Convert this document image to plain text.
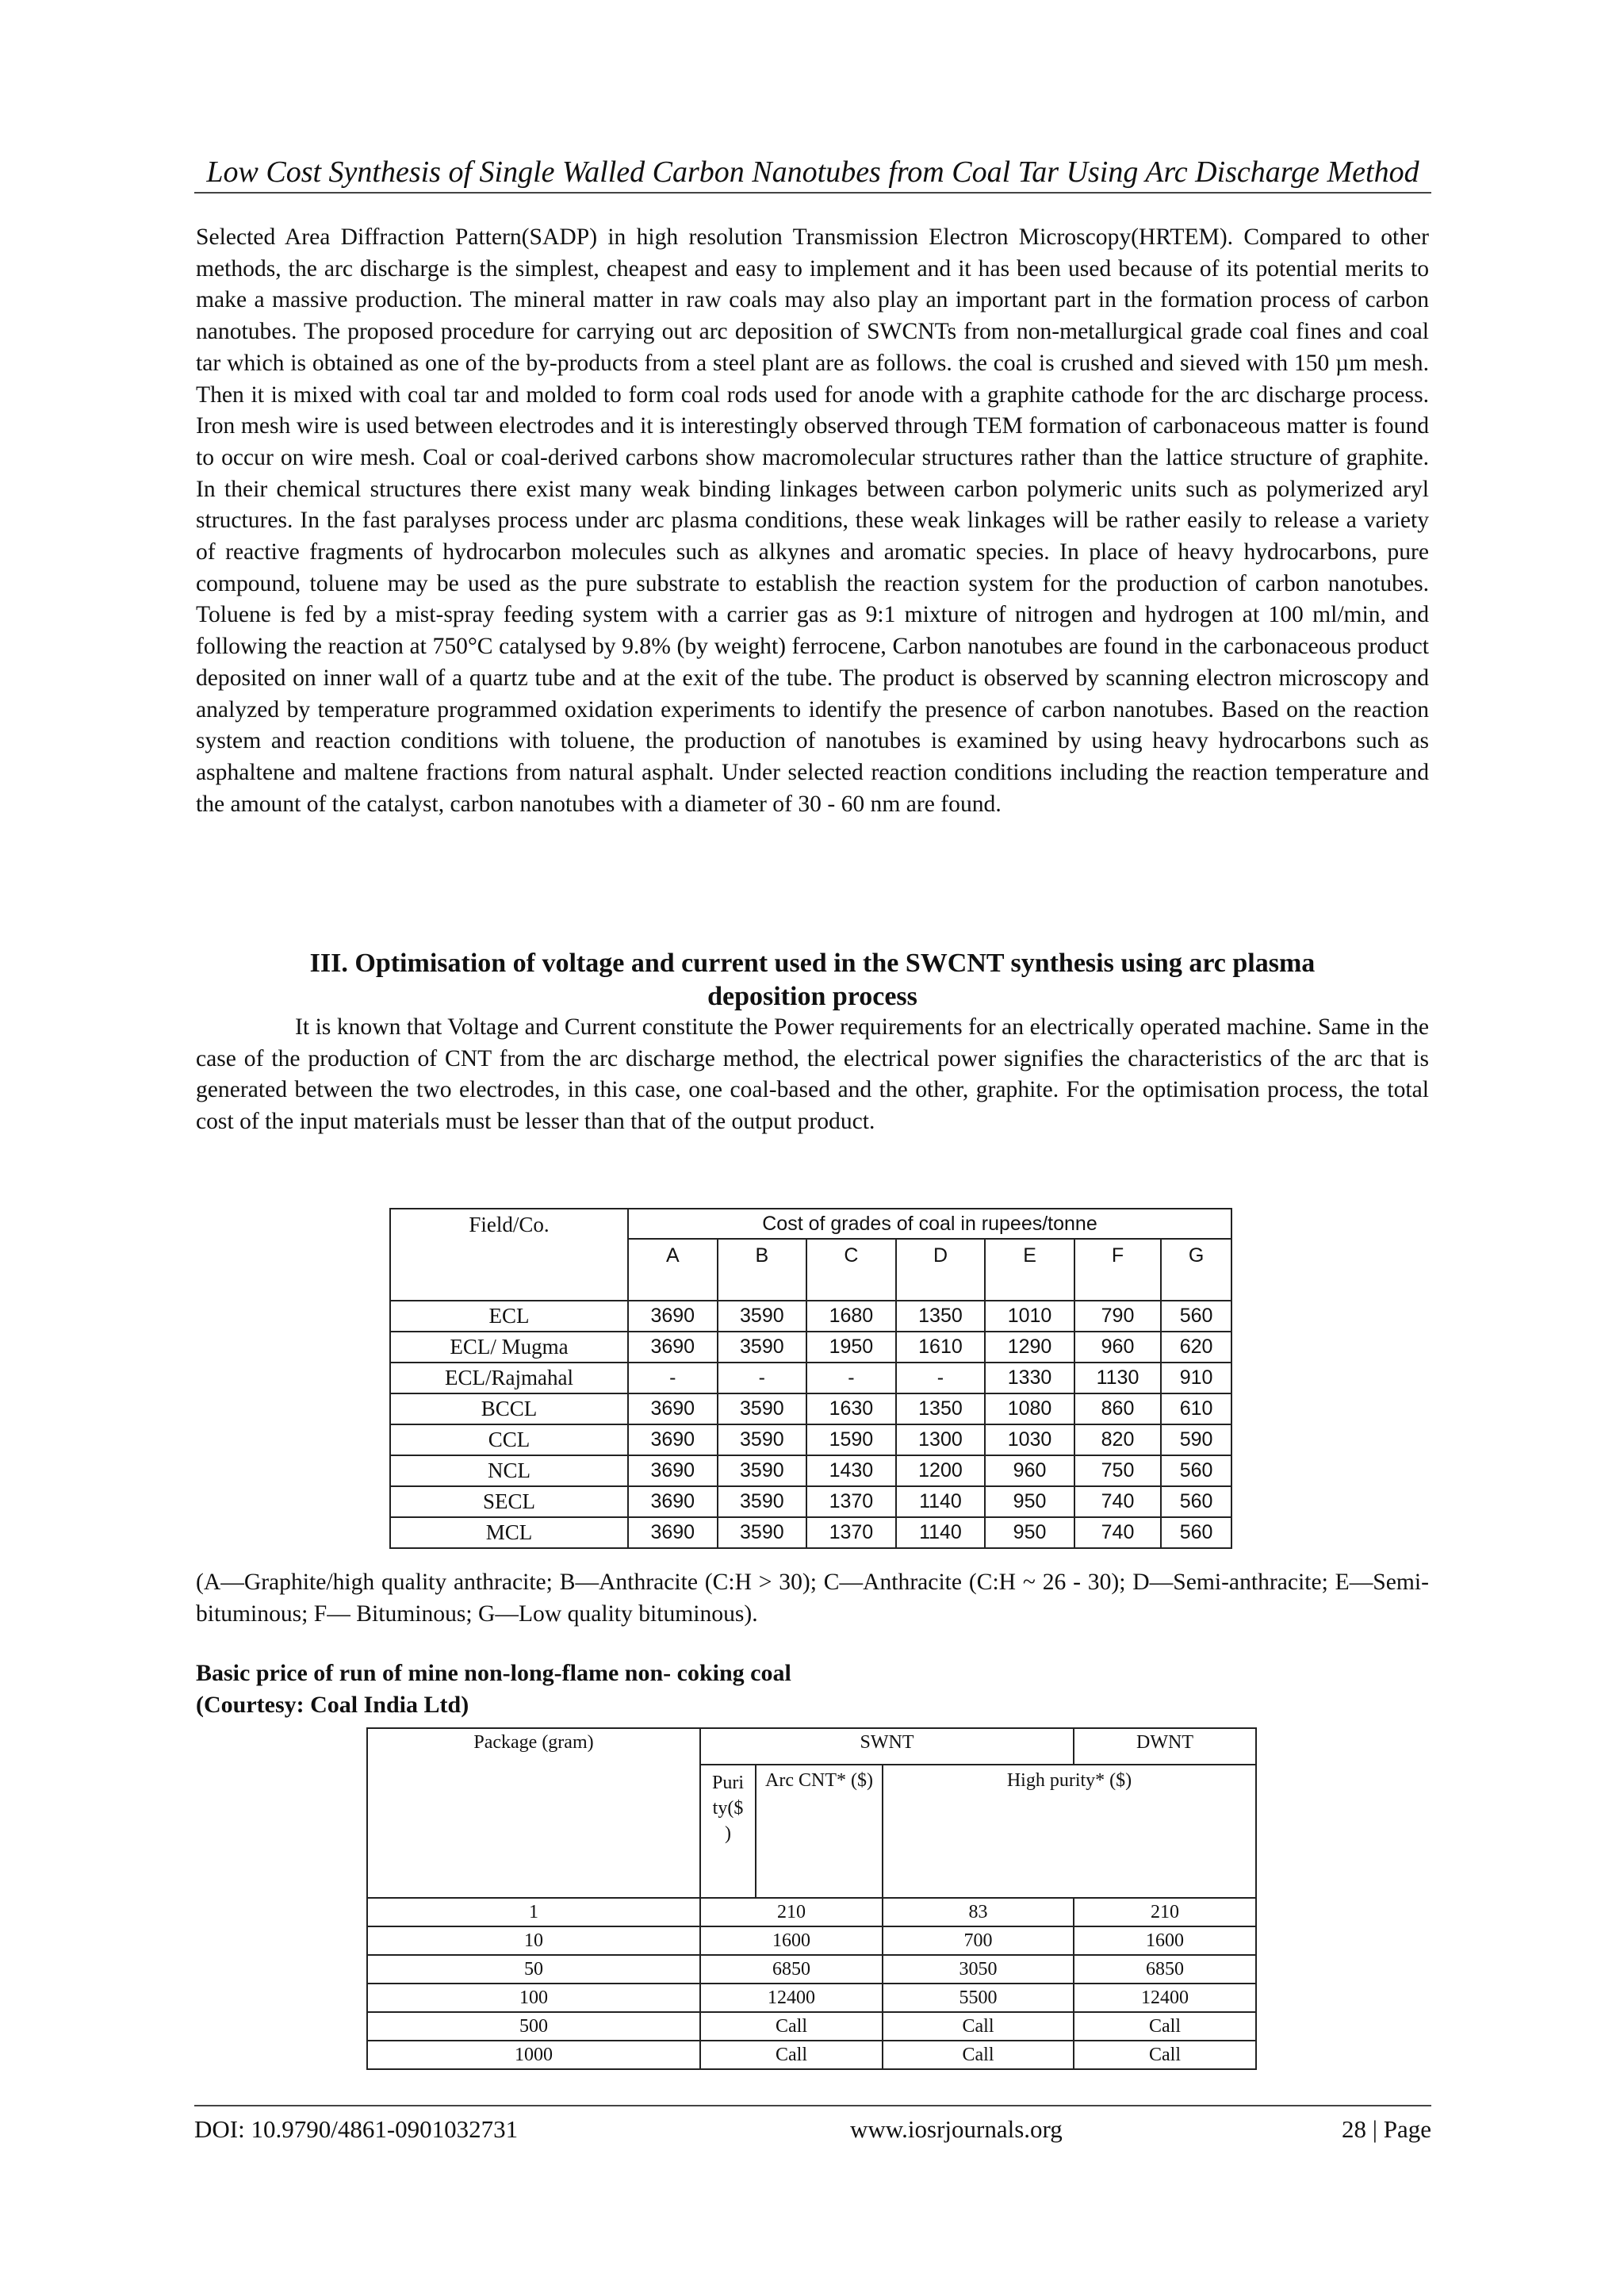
Low Cost Synthesis of Single Walled Carbon Nanotubes from Coal Tar Using Arc Discharge Method

Selected Area Diffraction Pattern(SADP) in high resolution Transmission Electron Microscopy(HRTEM). Compared to other methods, the arc discharge is the simplest, cheapest and easy to implement and it has been used because of its potential merits to make a massive production. The mineral matter in raw coals may also play an important part in the formation process of carbon nanotubes. The proposed procedure for carrying out arc deposition of SWCNTs from non-metallurgical grade coal fines and coal tar which is obtained as one of the by-products from a steel plant are as follows. the coal is crushed and sieved with 150 µm mesh. Then it is mixed with coal tar and molded to form coal rods used for anode with a graphite cathode for the arc discharge process. Iron mesh wire is used between electrodes and it is interestingly observed through TEM formation of carbonaceous matter is found to occur on wire mesh. Coal or coal-derived carbons show macromolecular structures rather than the lattice structure of graphite. In their chemical structures there exist many weak binding linkages between carbon polymeric units such as polymerized aryl structures. In the fast paralyses process under arc plasma conditions, these weak linkages will be rather easily to release a variety of reactive fragments of hydrocarbon molecules such as alkynes and aromatic species. In place of heavy hydrocarbons, pure compound, toluene may be used as the pure substrate to establish the reaction system for the production of carbon nanotubes. Toluene is fed by a mist-spray feeding system with a carrier gas as 9:1 mixture of nitrogen and hydrogen at 100 ml/min, and following the reaction at 750°C catalysed by 9.8% (by weight) ferrocene, Carbon nanotubes are found in the carbonaceous product deposited on inner wall of a quartz tube and at the exit of the tube. The product is observed by scanning electron microscopy and analyzed by temperature programmed oxidation experiments to identify the presence of carbon nanotubes. Based on the reaction system and reaction conditions with toluene, the production of nanotubes is examined by using heavy hydrocarbons such as asphaltene and maltene fractions from natural asphalt. Under selected reaction conditions including the reaction temperature and the amount of the catalyst, carbon nanotubes with a diameter of 30 - 60 nm are found.

III. Optimisation of voltage and current used in the SWCNT synthesis using arc plasma
deposition process

It is known that Voltage and Current constitute the Power requirements for an electrically operated machine. Same in the case of the production of CNT from the arc discharge method, the electrical power signifies the characteristics of the arc that is generated between the two electrodes, in this case, one coal-based and the other, graphite. For the optimisation process, the total cost of the input materials must be lesser than that of the output product.

Field/Co.	Cost of grades of coal in rupees/tonne						
	A	B	C	D	E	F	G
ECL	3690	3590	1680	1350	1010	790	560
ECL/ Mugma	3690	3590	1950	1610	1290	960	620
ECL/Rajmahal	-	-	-	-	1330	1130	910
BCCL	3690	3590	1630	1350	1080	860	610
CCL	3690	3590	1590	1300	1030	820	590
NCL	3690	3590	1430	1200	960	750	560
SECL	3690	3590	1370	1140	950	740	560
MCL	3690	3590	1370	1140	950	740	560

(A—Graphite/high quality anthracite; B—Anthracite (C:H > 30); C—Anthracite (C:H ~ 26 - 30); D—Semi-anthracite; E—Semi-bituminous; F— Bituminous; G—Low quality bituminous).

Basic price of run of mine non-long-flame non- coking coal
(Courtesy: Coal India Ltd)
Package (gram)	SWNT			DWNT
	Purity($)	Arc CNT* ($)	High purity* ($)	
1	210		83	210
10	1600		700	1600
50	6850		3050	6850
100	12400		5500	12400
500	Call		Call	Call
1000	Call		Call	Call
DOI: 10.9790/4861-0901032731	www.iosrjournals.org	28 | Page
